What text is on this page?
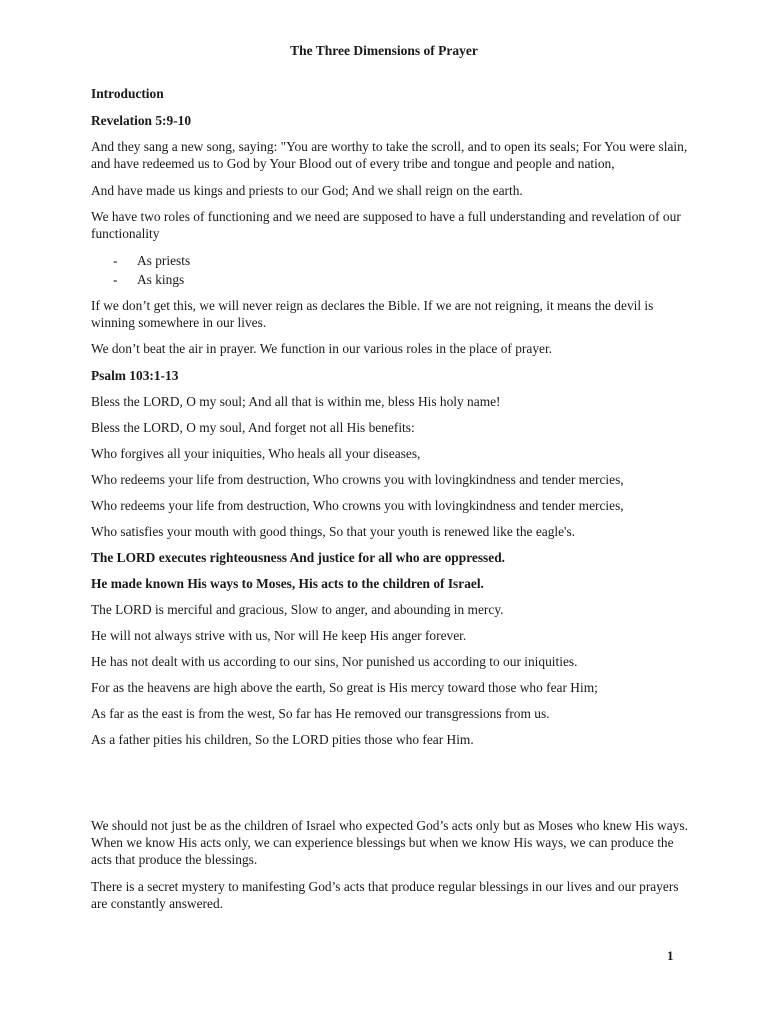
The Three Dimensions of Prayer

Introduction

Revelation 5:9-10

And they sang a new song, saying: "You are worthy to take the scroll, and to open its seals; For You were slain, and have redeemed us to God by Your Blood out of every tribe and tongue and people and nation,

And have made us kings and priests to our God; And we shall reign on the earth.

We have two roles of functioning and we need are supposed to have a full understanding and revelation of our functionality

- As priests
- As kings

If we don’t get this, we will never reign as declares the Bible. If we are not reigning, it means the devil is winning somewhere in our lives.

We don’t beat the air in prayer. We function in our various roles in the place of prayer.

Psalm 103:1-13

Bless the LORD, O my soul; And all that is within me, bless His holy name!

Bless the LORD, O my soul, And forget not all His benefits:

Who forgives all your iniquities, Who heals all your diseases,

Who redeems your life from destruction, Who crowns you with lovingkindness and tender mercies,

Who redeems your life from destruction, Who crowns you with lovingkindness and tender mercies,

Who satisfies your mouth with good things, So that your youth is renewed like the eagle's.

The LORD executes righteousness And justice for all who are oppressed.

He made known His ways to Moses, His acts to the children of Israel.

The LORD is merciful and gracious, Slow to anger, and abounding in mercy.

He will not always strive with us, Nor will He keep His anger forever.

He has not dealt with us according to our sins, Nor punished us according to our iniquities.

For as the heavens are high above the earth, So great is His mercy toward those who fear Him;

As far as the east is from the west, So far has He removed our transgressions from us.

As a father pities his children, So the LORD pities those who fear Him.

We should not just be as the children of Israel who expected God’s acts only but as Moses who knew His ways. When we know His acts only, we can experience blessings but when we know His ways, we can produce the acts that produce the blessings.

There is a secret mystery to manifesting God’s acts that produce regular blessings in our lives and our prayers are constantly answered.

1
